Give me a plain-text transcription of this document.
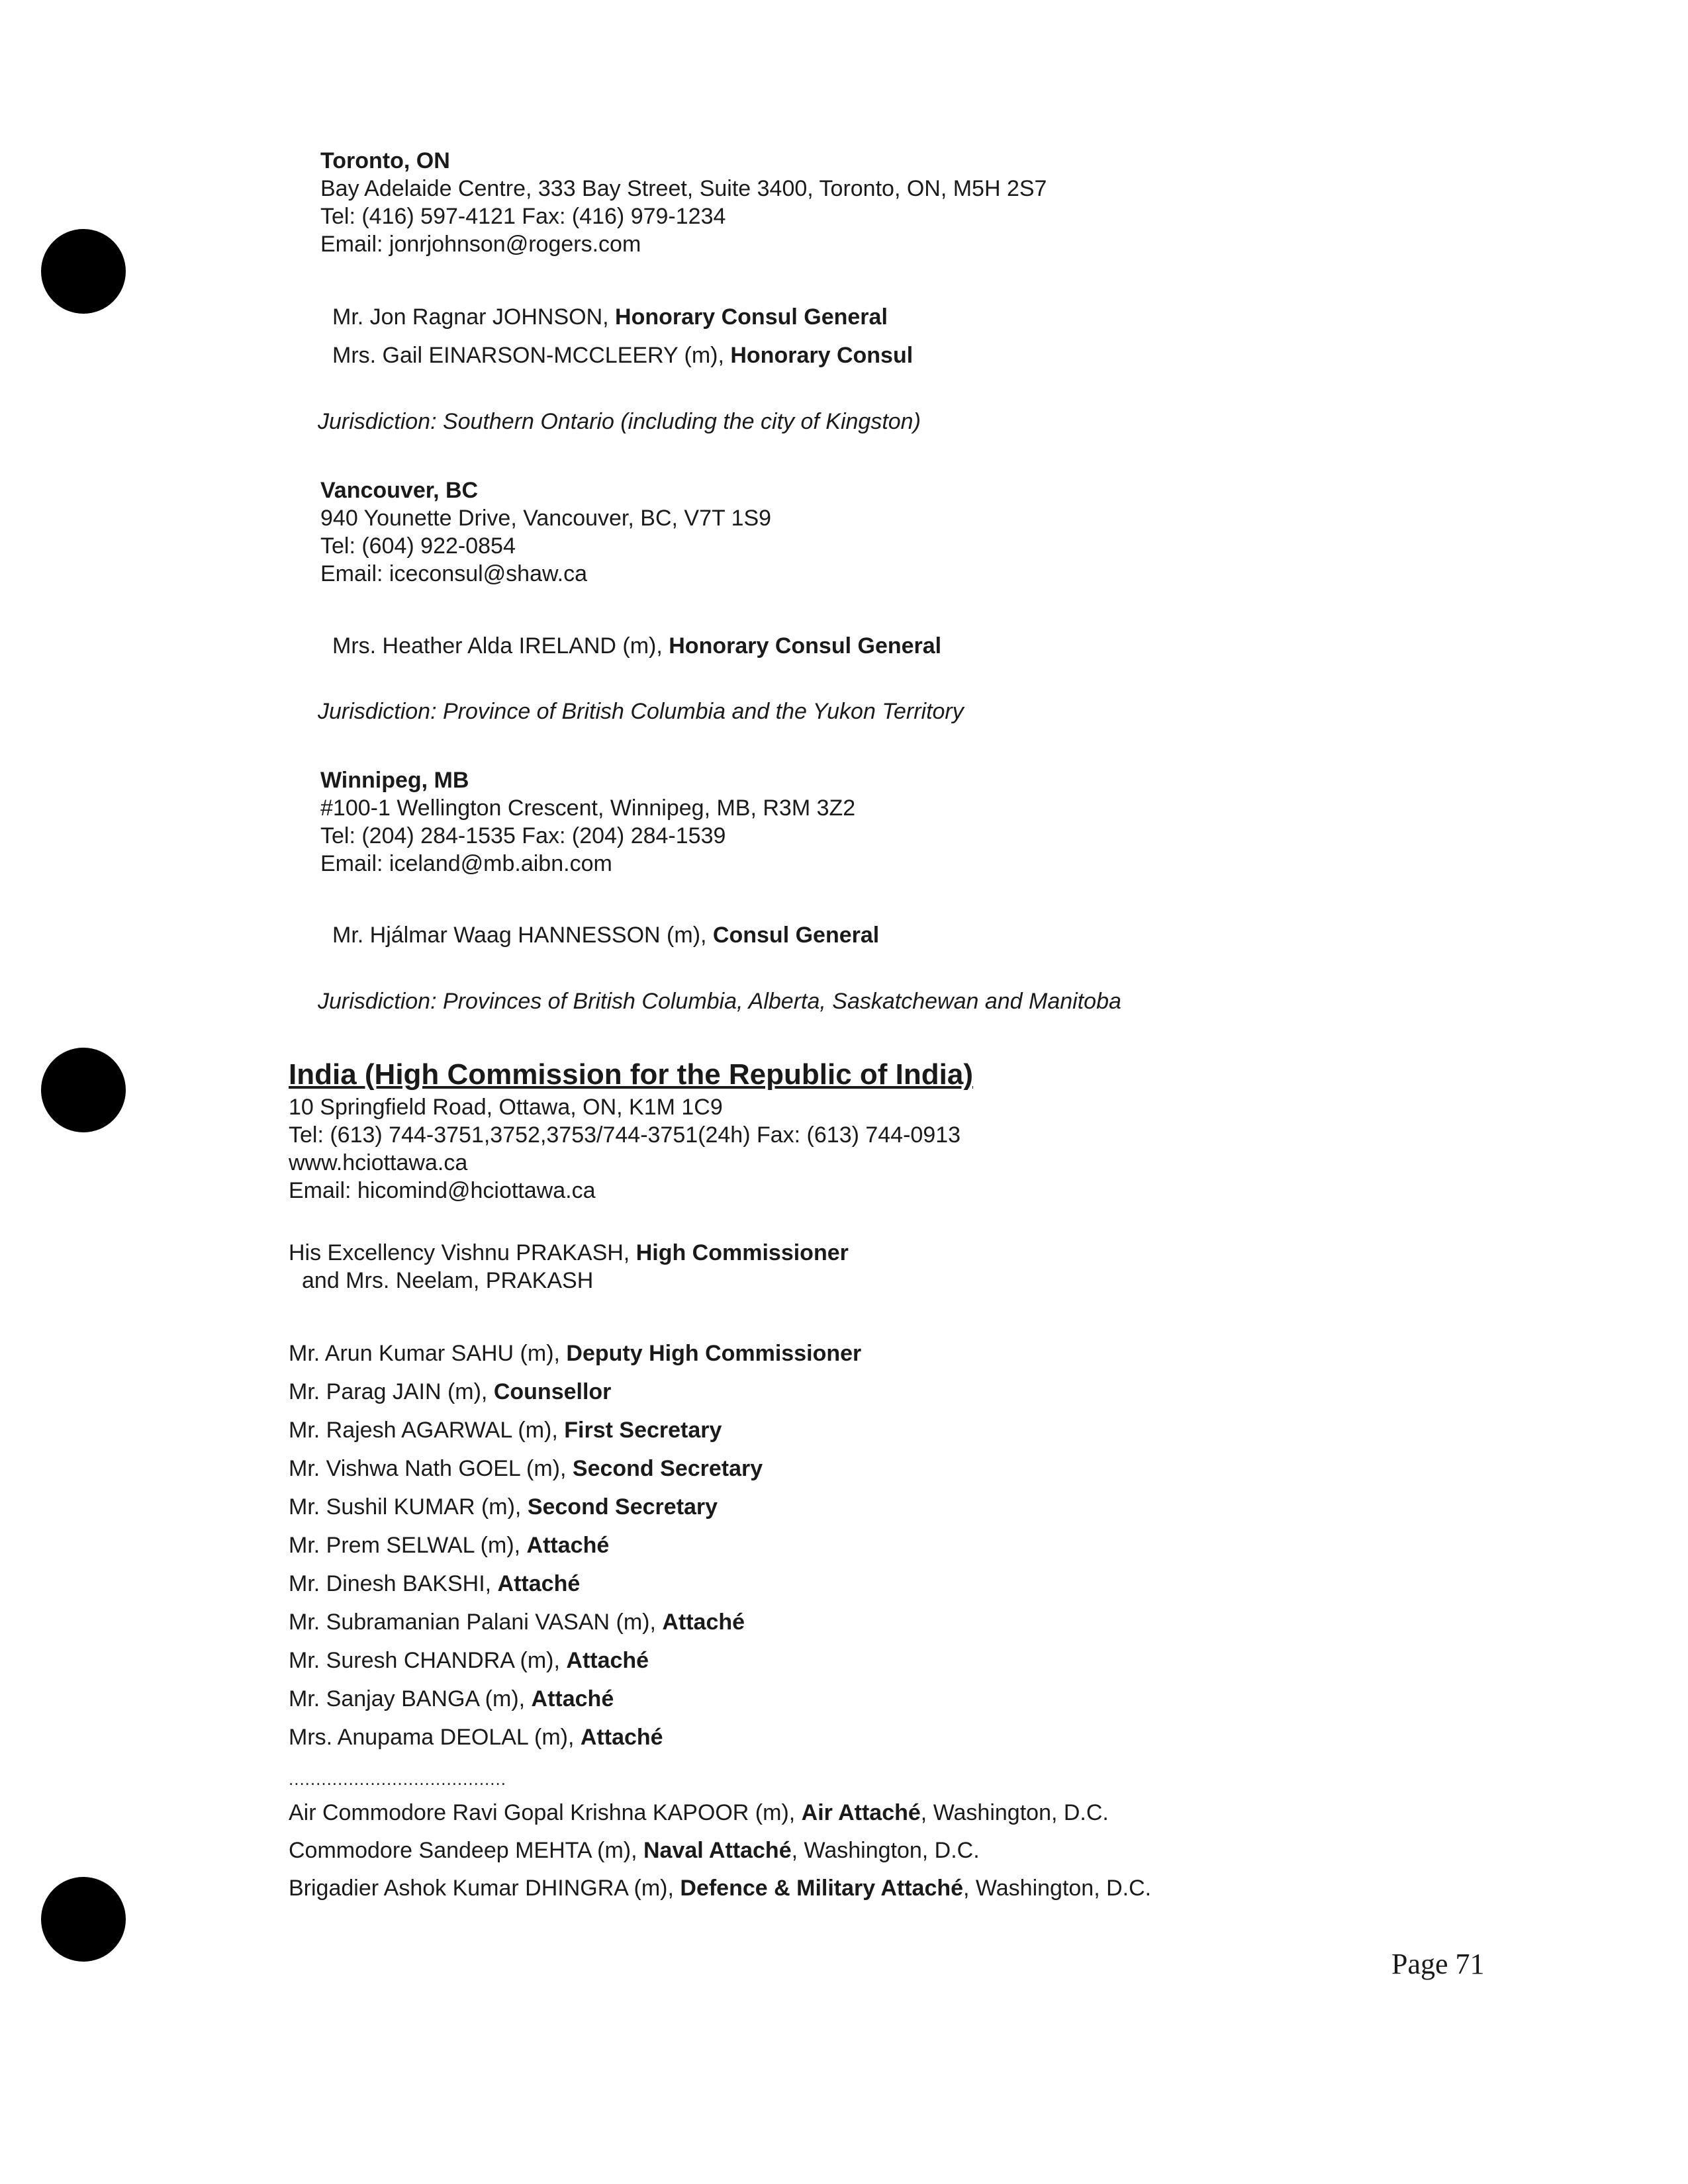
Toronto, ON
Bay Adelaide Centre, 333 Bay Street, Suite 3400, Toronto, ON, M5H 2S7
Tel: (416) 597-4121 Fax: (416) 979-1234
Email: jonrjohnson@rogers.com
Mr. Jon Ragnar JOHNSON, Honorary Consul General
Mrs. Gail EINARSON-MCCLEERY (m), Honorary Consul
Jurisdiction: Southern Ontario (including the city of Kingston)
Vancouver, BC
940 Younette Drive, Vancouver, BC, V7T 1S9
Tel: (604) 922-0854
Email: iceconsul@shaw.ca
Mrs. Heather Alda IRELAND (m), Honorary Consul General
Jurisdiction: Province of British Columbia and the Yukon Territory
Winnipeg, MB
#100-1 Wellington Crescent, Winnipeg, MB, R3M 3Z2
Tel: (204) 284-1535 Fax: (204) 284-1539
Email: iceland@mb.aibn.com
Mr. Hjálmar Waag HANNESSON (m), Consul General
Jurisdiction: Provinces of British Columbia, Alberta, Saskatchewan and Manitoba
India (High Commission for the Republic of India)
10 Springfield Road, Ottawa, ON, K1M 1C9
Tel: (613) 744-3751,3752,3753/744-3751(24h) Fax: (613) 744-0913
www.hciottawa.ca
Email: hicomind@hciottawa.ca
His Excellency Vishnu PRAKASH, High Commissioner
and Mrs. Neelam, PRAKASH
Mr. Arun Kumar SAHU (m), Deputy High Commissioner
Mr. Parag JAIN (m), Counsellor
Mr. Rajesh AGARWAL (m), First Secretary
Mr. Vishwa Nath GOEL (m), Second Secretary
Mr. Sushil KUMAR (m), Second Secretary
Mr. Prem SELWAL (m), Attaché
Mr. Dinesh BAKSHI, Attaché
Mr. Subramanian Palani VASAN (m), Attaché
Mr. Suresh CHANDRA (m), Attaché
Mr. Sanjay BANGA (m), Attaché
Mrs. Anupama DEOLAL (m), Attaché
........................................
Air Commodore Ravi Gopal Krishna KAPOOR (m), Air Attaché, Washington, D.C.
Commodore Sandeep MEHTA (m), Naval Attaché, Washington, D.C.
Brigadier Ashok Kumar DHINGRA (m), Defence & Military Attaché, Washington, D.C.
Page 71
